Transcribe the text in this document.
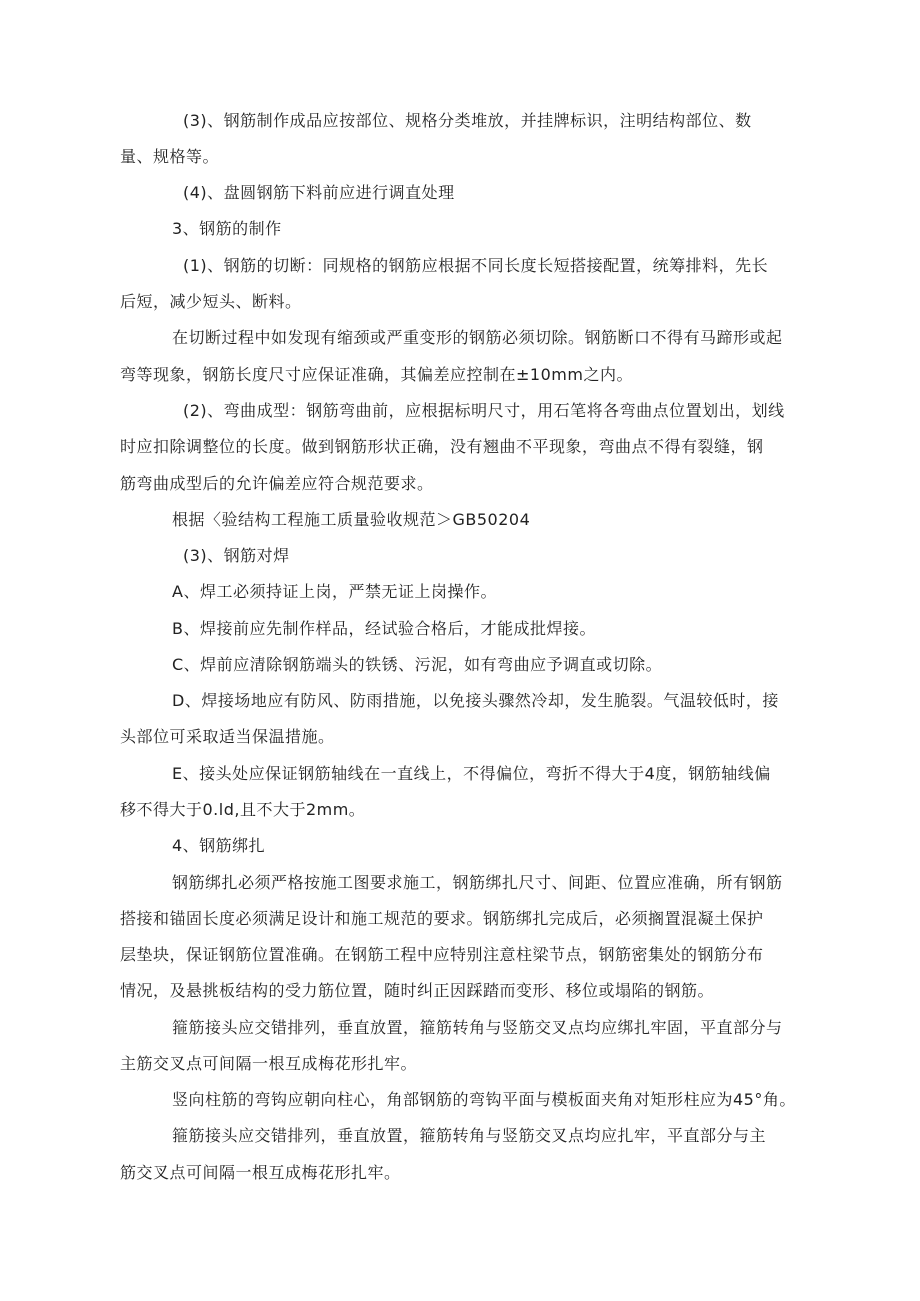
(3)、钢筋制作成品应按部位、规格分类堆放，并挂牌标识，注明结构部位、数
量、规格等。
(4)、盘圆钢筋下料前应进行调直处理
3、钢筋的制作
(1)、钢筋的切断：同规格的钢筋应根据不同长度长短搭接配置，统筹排料，先长
后短，减少短头、断料。
在切断过程中如发现有缩颈或严重变形的钢筋必须切除。钢筋断口不得有马蹄形或起
弯等现象，钢筋长度尺寸应保证准确，其偏差应控制在±10mm之内。
(2)、弯曲成型：钢筋弯曲前，应根据标明尺寸，用石笔将各弯曲点位置划出，划线
时应扣除调整位的长度。做到钢筋形状正确，没有翘曲不平现象，弯曲点不得有裂缝，钢
筋弯曲成型后的允许偏差应符合规范要求。
根据〈验结构工程施工质量验收规范＞GB50204
(3)、钢筋对焊
A、焊工必须持证上岗，严禁无证上岗操作。
B、焊接前应先制作样品，经试验合格后，才能成批焊接。
C、焊前应清除钢筋端头的铁锈、污泥，如有弯曲应予调直或切除。
D、焊接场地应有防风、防雨措施，以免接头骤然冷却，发生脆裂。气温较低时，接
头部位可采取适当保温措施。
E、接头处应保证钢筋轴线在一直线上，不得偏位，弯折不得大于4度，钢筋轴线偏
移不得大于0.ld,且不大于2mm。
4、钢筋绑扎
钢筋绑扎必须严格按施工图要求施工，钢筋绑扎尺寸、间距、位置应准确，所有钢筋
搭接和锚固长度必须满足设计和施工规范的要求。钢筋绑扎完成后，必须搁置混凝土保护
层垫块，保证钢筋位置准确。在钢筋工程中应特别注意柱梁节点，钢筋密集处的钢筋分布
情况，及悬挑板结构的受力筋位置，随时纠正因踩踏而变形、移位或塌陷的钢筋。
箍筋接头应交错排列，垂直放置，箍筋转角与竖筋交叉点均应绑扎牢固，平直部分与
主筋交叉点可间隔一根互成梅花形扎牢。
竖向柱筋的弯钩应朝向柱心，角部钢筋的弯钩平面与模板面夹角对矩形柱应为45°角。
箍筋接头应交错排列，垂直放置，箍筋转角与竖筋交叉点均应扎牢，平直部分与主
筋交叉点可间隔一根互成梅花形扎牢。
